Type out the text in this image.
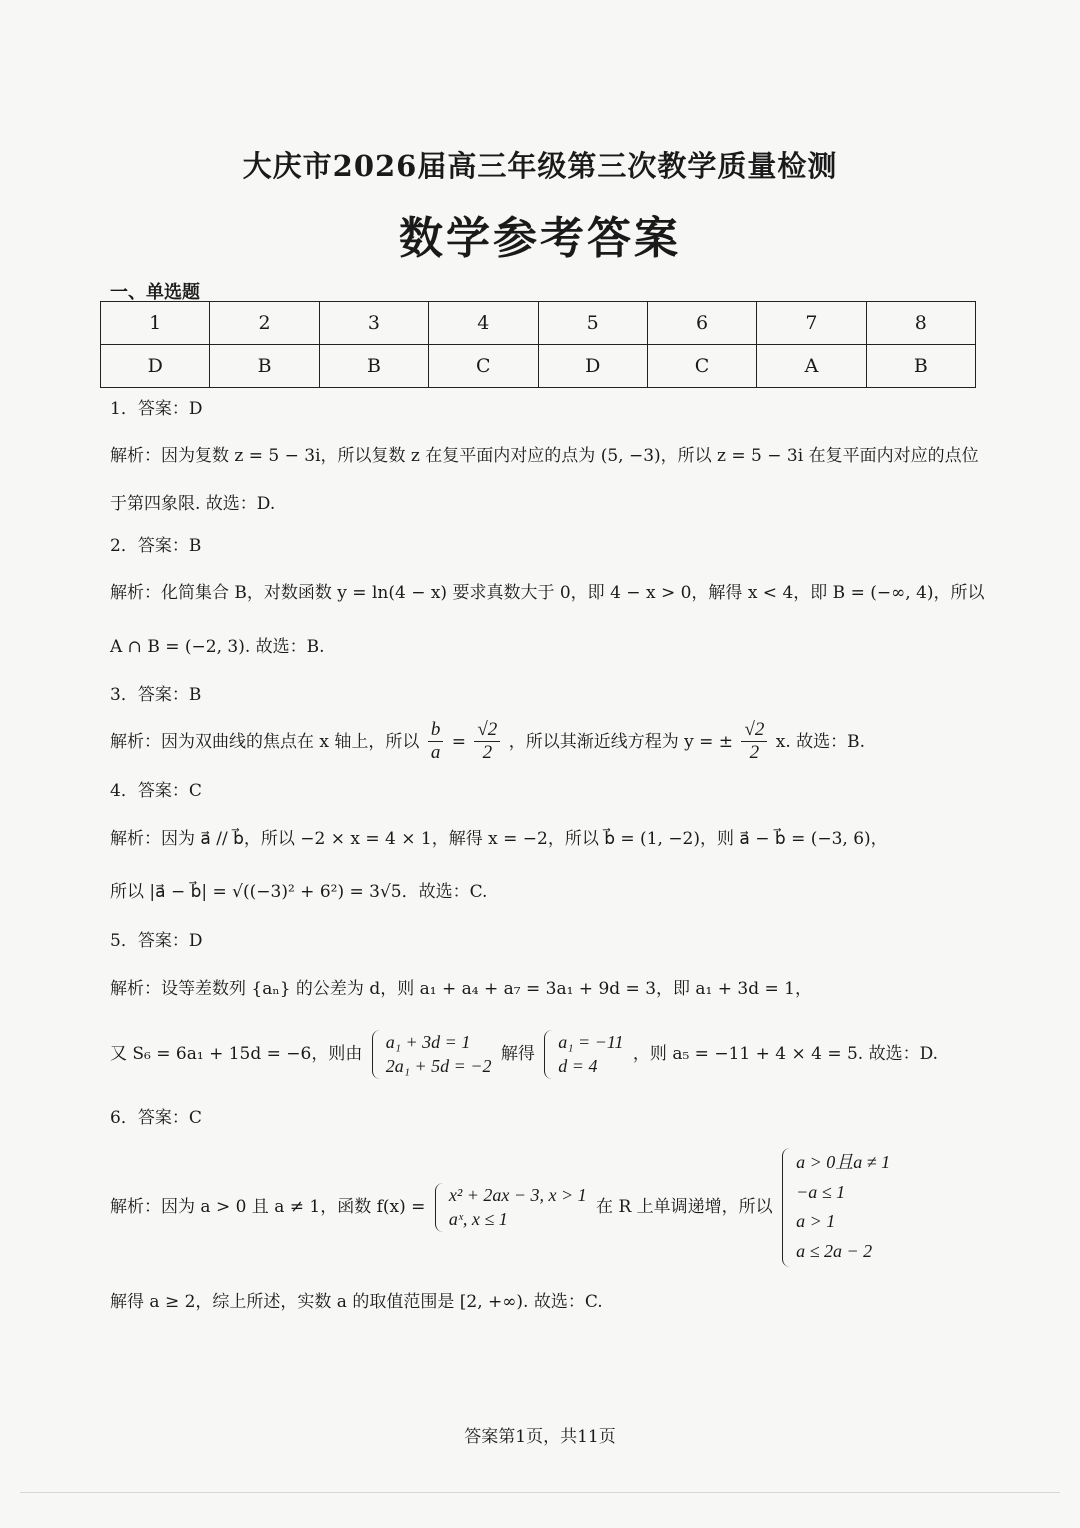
大庆市2026届高三年级第三次教学质量检测
数学参考答案
一、单选题
1	2	3	4	5	6	7	8
D	B	B	C	D	C	A	B
1．答案：D
解析：因为复数 z = 5 − 3i，所以复数 z 在复平面内对应的点为 (5, −3)，所以 z = 5 − 3i 在复平面内对应的点位
于第四象限. 故选：D.
2．答案：B
解析：化简集合 B，对数函数 y = ln(4 − x) 要求真数大于 0，即 4 − x > 0，解得 x < 4，即 B = (−∞, 4)，所以
A ∩ B = (−2, 3). 故选：B.
3．答案：B
解析：因为双曲线的焦点在 x 轴上，所以 $\frac{b}{a} = \frac{√2}{2}$ ，所以其渐近线方程为 y = ± $\frac{√2}{2} x$. 故选：B.
4．答案：C
解析：因为 a⃗ // b⃗，所以 −2 × x = 4 × 1，解得 x = −2，所以 b⃗ = (1, −2)，则 a⃗ − b⃗ = (−3, 6)，
所以 |a⃗ − b⃗| = √((−3)² + 6²) = 3√5．故选：C.
5．答案：D
解析：设等差数列 {aₙ} 的公差为 d，则 a₁ + a₄ + a₇ = 3a₁ + 9d = 3，即 a₁ + 3d = 1，
又 S₆ = 6a₁ + 15d = −6，则由
a₁ + 3d = 1
2a₁ + 5d = −2
解得
a₁ = −11
d = 4
，则 a₅ = −11 + 4 × 4 = 5. 故选：D.
6．答案：C
解析：因为 a > 0 且 a ≠ 1，函数 f(x) =
x² + 2ax − 3, x > 1
aˣ, x ≤ 1
在 R 上单调递增，所以
a > 0且a ≠ 1
−a ≤ 1
a > 1
a ≤ 2a − 2
解得 a ≥ 2，综上所述，实数 a 的取值范围是 [2, +∞). 故选：C.
答案第1页，共11页
